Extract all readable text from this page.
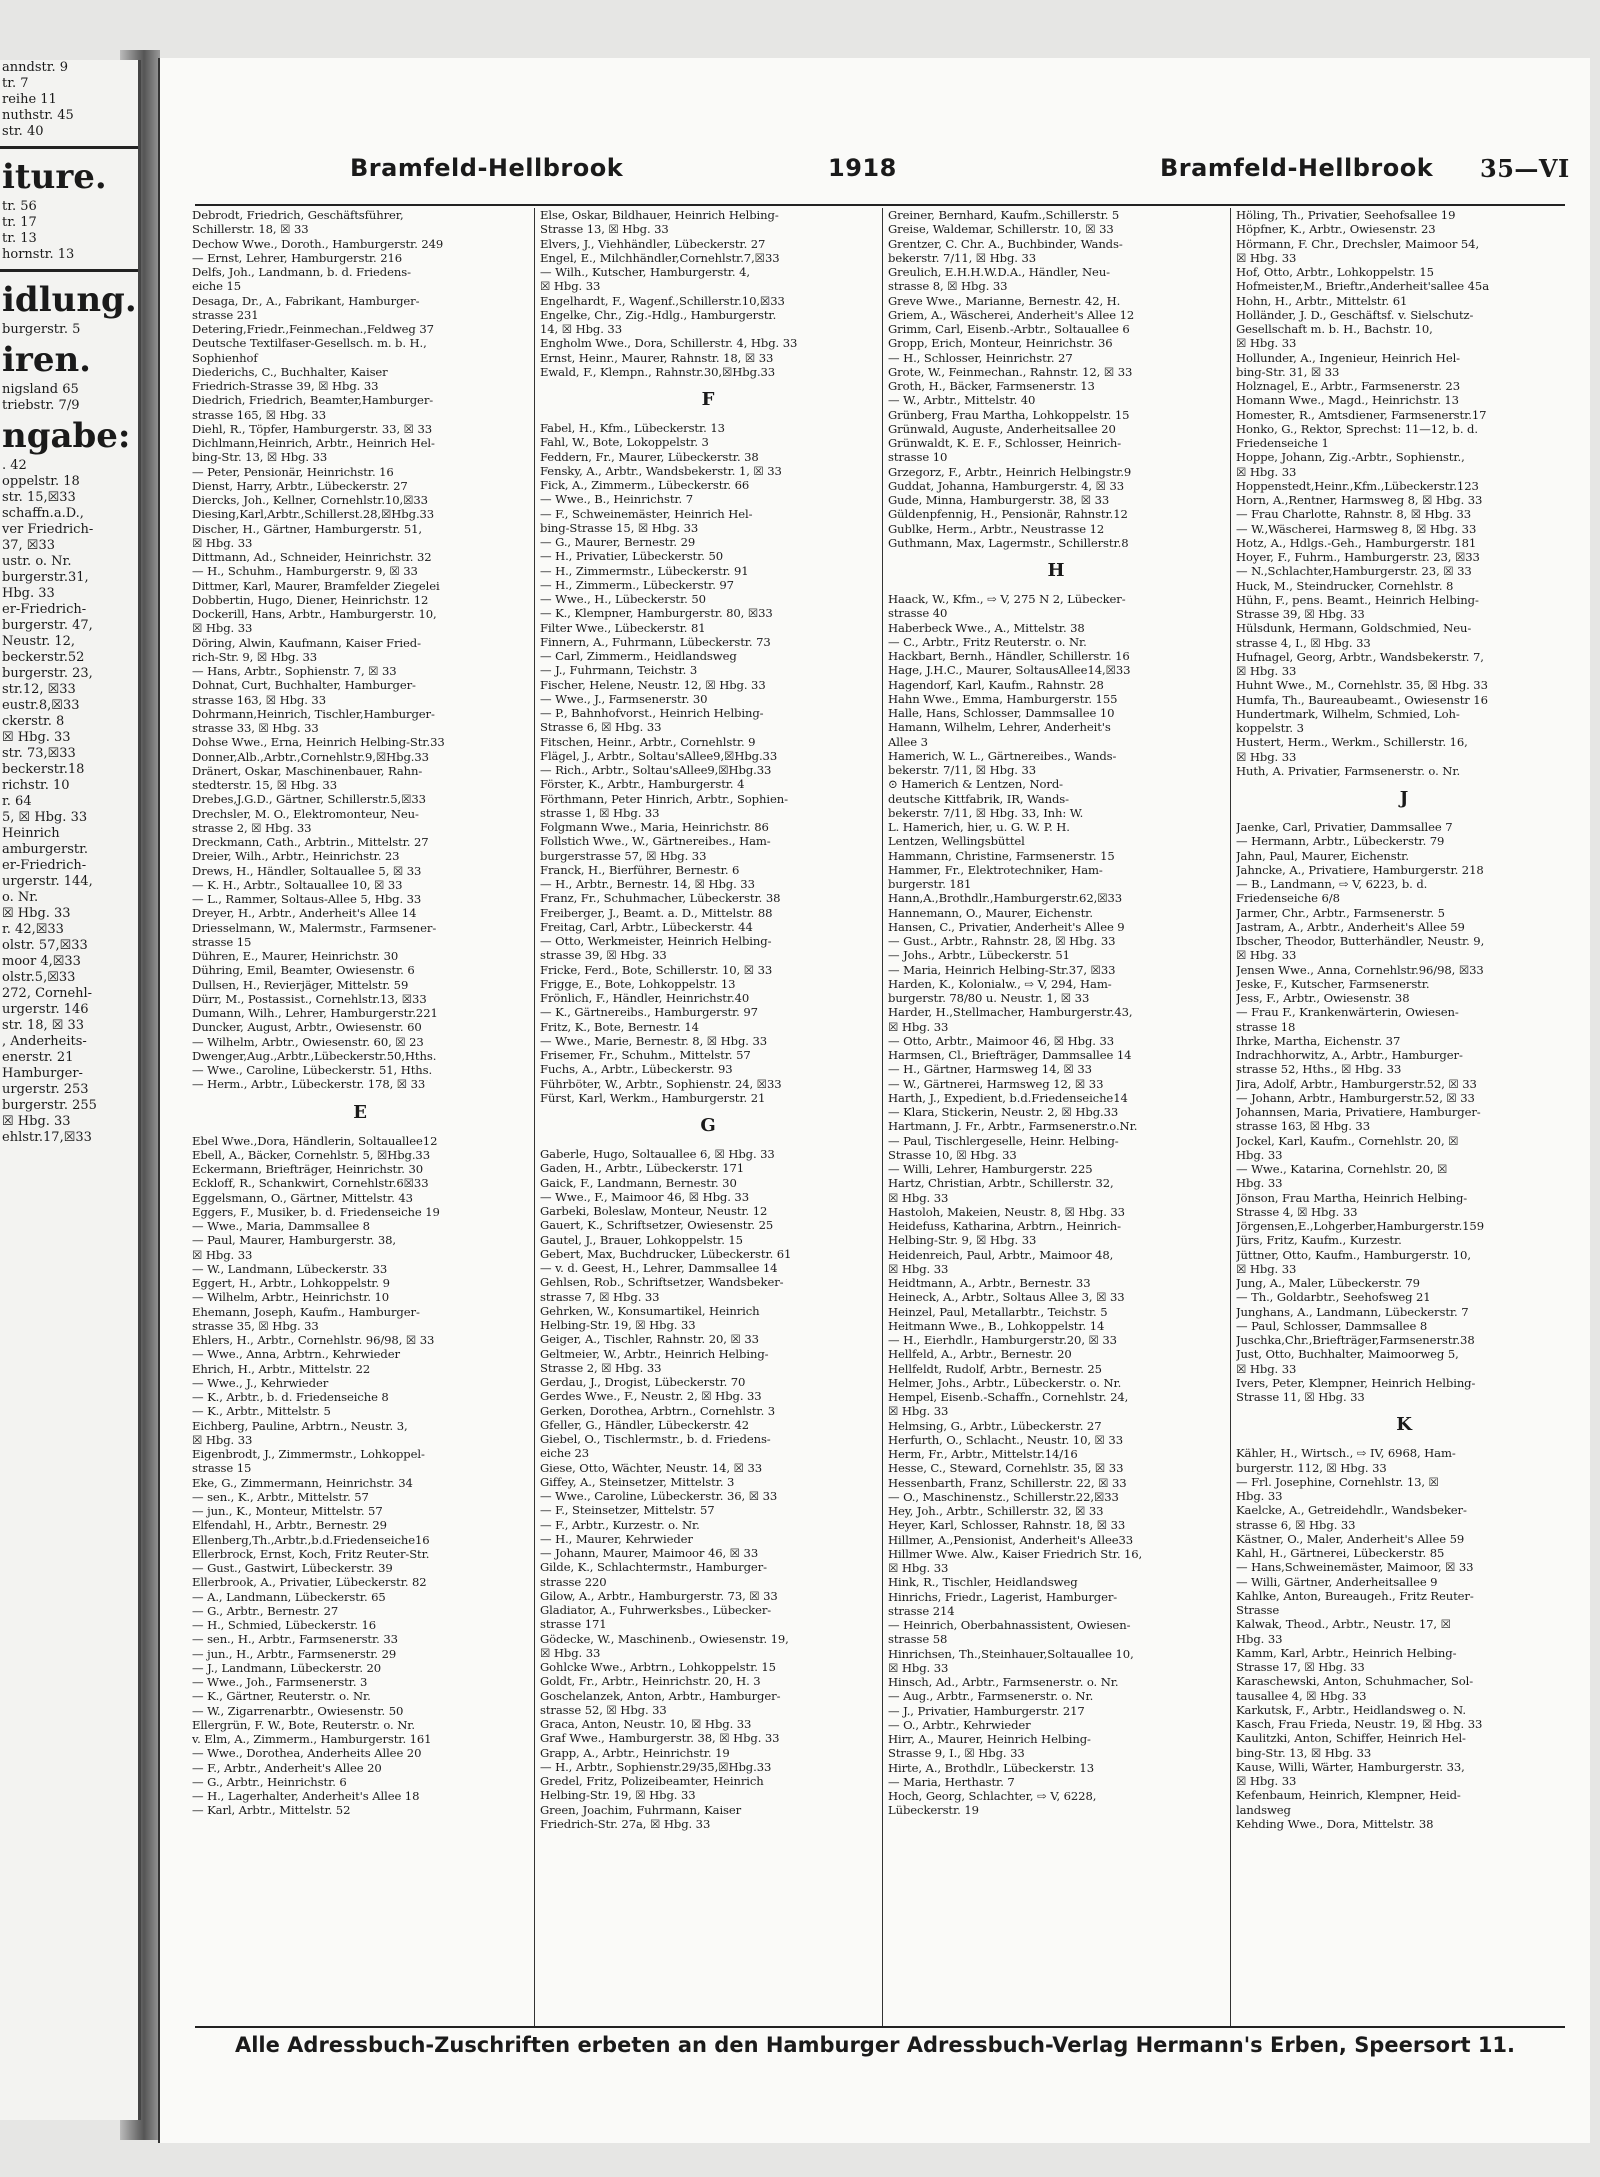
anndstr. 9
tr. 7
reihe 11
nuthstr. 45
str. 40
iture.
tr. 56
tr. 17
tr. 13
hornstr. 13
idlung.
burgerstr. 5
iren.
nigsland 65
triebstr. 7/9
ngabe:
. 42
oppelstr. 18
str. 15,☒33
schaffn.a.D.,
ver Friedrich-
37, ☒33
ustr. o. Nr.
burgerstr.31,
Hbg. 33
er-Friedrich-
burgerstr. 47,
Neustr. 12,
beckerstr.52
burgerstr. 23,
str.12, ☒33
eustr.8,☒33
ckerstr. 8
☒ Hbg. 33
str. 73,☒33
beckerstr.18
richstr. 10
r. 64
5, ☒ Hbg. 33
Heinrich
amburgerstr.
er-Friedrich-
urgerstr. 144,
o. Nr.
☒ Hbg. 33
r. 42,☒33
olstr. 57,☒33
moor 4,☒33
olstr.5,☒33
272, Cornehl-
urgerstr. 146
str. 18, ☒ 33
, Anderheits-
enerstr. 21
Hamburger-
urgerstr. 253
burgerstr. 255
☒ Hbg. 33
ehlstr.17,☒33
Bramfeld-Hellbrook	1918	Bramfeld-Hellbrook 35—VI
Debrodt, Friedrich, Geschäftsführer,
Schillerstr. 18, ☒ 33
Dechow Wwe., Doroth., Hamburgerstr. 249
— Ernst, Lehrer, Hamburgerstr. 216
Delfs, Joh., Landmann, b. d. Friedens-
eiche 15
Desaga, Dr., A., Fabrikant, Hamburger-
strasse 231
Detering,Friedr.,Feinmechan.,Feldweg 37
Deutsche Textilfaser-Gesellsch. m. b. H.,
Sophienhof
Diederichs, C., Buchhalter, Kaiser
Friedrich-Strasse 39, ☒ Hbg. 33
Diedrich, Friedrich, Beamter,Hamburger-
strasse 165, ☒ Hbg. 33
Diehl, R., Töpfer, Hamburgerstr. 33, ☒ 33
Dichlmann,Heinrich, Arbtr., Heinrich Hel-
bing-Str. 13, ☒ Hbg. 33
— Peter, Pensionär, Heinrichstr. 16
Dienst, Harry, Arbtr., Lübeckerstr. 27
Diercks, Joh., Kellner, Cornehlstr.10,☒33
Diesing,Karl,Arbtr.,Schillerst.28,☒Hbg.33
Discher, H., Gärtner, Hamburgerstr. 51,
☒ Hbg. 33
Dittmann, Ad., Schneider, Heinrichstr. 32
— H., Schuhm., Hamburgerstr. 9, ☒ 33
Dittmer, Karl, Maurer, Bramfelder Ziegelei
Dobbertin, Hugo, Diener, Heinrichstr. 12
Dockerill, Hans, Arbtr., Hamburgerstr. 10,
☒ Hbg. 33
Döring, Alwin, Kaufmann, Kaiser Fried-
rich-Str. 9, ☒ Hbg. 33
— Hans, Arbtr., Sophienstr. 7, ☒ 33
Dohnat, Curt, Buchhalter, Hamburger-
strasse 163, ☒ Hbg. 33
Dohrmann,Heinrich, Tischler,Hamburger-
strasse 33, ☒ Hbg. 33
Dohse Wwe., Erna, Heinrich Helbing-Str.33
Donner,Alb.,Arbtr.,Cornehlstr.9,☒Hbg.33
Dränert, Oskar, Maschinenbauer, Rahn-
stedterstr. 15, ☒ Hbg. 33
Drebes,J.G.D., Gärtner, Schillerstr.5,☒33
Drechsler, M. O., Elektromonteur, Neu-
strasse 2, ☒ Hbg. 33
Dreckmann, Cath., Arbtrin., Mittelstr. 27
Dreier, Wilh., Arbtr., Heinrichstr. 23
Drews, H., Händler, Soltauallee 5, ☒ 33
— K. H., Arbtr., Soltauallee 10, ☒ 33
— L., Rammer, Soltaus-Allee 5, Hbg. 33
Dreyer, H., Arbtr., Anderheit's Allee 14
Driesselmann, W., Malermstr., Farmsener-
strasse 15
Dühren, E., Maurer, Heinrichstr. 30
Dühring, Emil, Beamter, Owiesenstr. 6
Dullsen, H., Revierjäger, Mittelstr. 59
Dürr, M., Postassist., Cornehlstr.13, ☒33
Dumann, Wilh., Lehrer, Hamburgerstr.221
Duncker, August, Arbtr., Owiesenstr. 60
— Wilhelm, Arbtr., Owiesenstr. 60, ☒ 23
Dwenger,Aug.,Arbtr.,Lübeckerstr.50,Hths.
— Wwe., Caroline, Lübeckerstr. 51, Hths.
— Herm., Arbtr., Lübeckerstr. 178, ☒ 33
E
Ebel Wwe.,Dora, Händlerin, Soltauallee12
Ebell, A., Bäcker, Cornehlstr. 5, ☒Hbg.33
Eckermann, Briefträger, Heinrichstr. 30
Eckloff, R., Schankwirt, Cornehlstr.6☒33
Eggelsmann, O., Gärtner, Mittelstr. 43
Eggers, F., Musiker, b. d. Friedenseiche 19
— Wwe., Maria, Dammsallee 8
— Paul, Maurer, Hamburgerstr. 38,
☒ Hbg. 33
— W., Landmann, Lübeckerstr. 33
Eggert, H., Arbtr., Lohkoppelstr. 9
— Wilhelm, Arbtr., Heinrichstr. 10
Ehemann, Joseph, Kaufm., Hamburger-
strasse 35, ☒ Hbg. 33
Ehlers, H., Arbtr., Cornehlstr. 96/98, ☒ 33
— Wwe., Anna, Arbtrn., Kehrwieder
Ehrich, H., Arbtr., Mittelstr. 22
— Wwe., J., Kehrwieder
— K., Arbtr., b. d. Friedenseiche 8
— K., Arbtr., Mittelstr. 5
Eichberg, Pauline, Arbtrn., Neustr. 3,
☒ Hbg. 33
Eigenbrodt, J., Zimmermstr., Lohkoppel-
strasse 15
Eke, G., Zimmermann, Heinrichstr. 34
— sen., K., Arbtr., Mittelstr. 57
— jun., K., Monteur, Mittelstr. 57
Elfendahl, H., Arbtr., Bernestr. 29
Ellenberg,Th.,Arbtr.,b.d.Friedenseiche16
Ellerbrock, Ernst, Koch, Fritz Reuter-Str.
— Gust., Gastwirt, Lübeckerstr. 39
Ellerbrook, A., Privatier, Lübeckerstr. 82
— A., Landmann, Lübeckerstr. 65
— G., Arbtr., Bernestr. 27
— H., Schmied, Lübeckerstr. 16
— sen., H., Arbtr., Farmsenerstr. 33
— jun., H., Arbtr., Farmsenerstr. 29
— J., Landmann, Lübeckerstr. 20
— Wwe., Joh., Farmsenerstr. 3
— K., Gärtner, Reuterstr. o. Nr.
— W., Zigarrenarbtr., Owiesenstr. 50
Ellergrün, F. W., Bote, Reuterstr. o. Nr.
v. Elm, A., Zimmerm., Hamburgerstr. 161
— Wwe., Dorothea, Anderheits Allee 20
— F., Arbtr., Anderheit's Allee 20
— G., Arbtr., Heinrichstr. 6
— H., Lagerhalter, Anderheit's Allee 18
— Karl, Arbtr., Mittelstr. 52
Else, Oskar, Bildhauer, Heinrich Helbing-
Strasse 13, ☒ Hbg. 33
Elvers, J., Viehhändler, Lübeckerstr. 27
Engel, E., Milchhändler,Cornehlstr.7,☒33
— Wilh., Kutscher, Hamburgerstr. 4,
☒ Hbg. 33
Engelhardt, F., Wagenf.,Schillerstr.10,☒33
Engelke, Chr., Zig.-Hdlg., Hamburgerstr.
14, ☒ Hbg. 33
Engholm Wwe., Dora, Schillerstr. 4, Hbg. 33
Ernst, Heinr., Maurer, Rahnstr. 18, ☒ 33
Ewald, F., Klempn., Rahnstr.30,☒Hbg.33
F
Fabel, H., Kfm., Lübeckerstr. 13
Fahl, W., Bote, Lokoppelstr. 3
Feddern, Fr., Maurer, Lübeckerstr. 38
Fensky, A., Arbtr., Wandsbekerstr. 1, ☒ 33
Fick, A., Zimmerm., Lübeckerstr. 66
— Wwe., B., Heinrichstr. 7
— F., Schweinemäster, Heinrich Hel-
bing-Strasse 15, ☒ Hbg. 33
— G., Maurer, Bernestr. 29
— H., Privatier, Lübeckerstr. 50
— H., Zimmermstr., Lübeckerstr. 91
— H., Zimmerm., Lübeckerstr. 97
— Wwe., H., Lübeckerstr. 50
— K., Klempner, Hamburgerstr. 80, ☒33
Filter Wwe., Lübeckerstr. 81
Finnern, A., Fuhrmann, Lübeckerstr. 73
— Carl, Zimmerm., Heidlandsweg
— J., Fuhrmann, Teichstr. 3
Fischer, Helene, Neustr. 12, ☒ Hbg. 33
— Wwe., J., Farmsenerstr. 30
— P., Bahnhofvorst., Heinrich Helbing-
Strasse 6, ☒ Hbg. 33
Fitschen, Heinr., Arbtr., Cornehlstr. 9
Flägel, J., Arbtr., Soltau'sAllee9,☒Hbg.33
— Rich., Arbtr., Soltau'sAllee9,☒Hbg.33
Förster, K., Arbtr., Hamburgerstr. 4
Förthmann, Peter Hinrich, Arbtr., Sophien-
strasse 1, ☒ Hbg. 33
Folgmann Wwe., Maria, Heinrichstr. 86
Follstich Wwe., W., Gärtnereibes., Ham-
burgerstrasse 57, ☒ Hbg. 33
Franck, H., Bierführer, Bernestr. 6
— H., Arbtr., Bernestr. 14, ☒ Hbg. 33
Franz, Fr., Schuhmacher, Lübeckerstr. 38
Freiberger, J., Beamt. a. D., Mittelstr. 88
Freitag, Carl, Arbtr., Lübeckerstr. 44
— Otto, Werkmeister, Heinrich Helbing-
strasse 39, ☒ Hbg. 33
Fricke, Ferd., Bote, Schillerstr. 10, ☒ 33
Frigge, E., Bote, Lohkoppelstr. 13
Frönlich, F., Händler, Heinrichstr.40
— K., Gärtnereibs., Hamburgerstr. 97
Fritz, K., Bote, Bernestr. 14
— Wwe., Marie, Bernestr. 8, ☒ Hbg. 33
Frisemer, Fr., Schuhm., Mittelstr. 57
Fuchs, A., Arbtr., Lübeckerstr. 93
Führböter, W., Arbtr., Sophienstr. 24, ☒33
Fürst, Karl, Werkm., Hamburgerstr. 21
G
Gaberle, Hugo, Soltauallee 6, ☒ Hbg. 33
Gaden, H., Arbtr., Lübeckerstr. 171
Gaick, F., Landmann, Bernestr. 30
— Wwe., F., Maimoor 46, ☒ Hbg. 33
Garbeki, Boleslaw, Monteur, Neustr. 12
Gauert, K., Schriftsetzer, Owiesenstr. 25
Gautel, J., Brauer, Lohkoppelstr. 15
Gebert, Max, Buchdrucker, Lübeckerstr. 61
— v. d. Geest, H., Lehrer, Dammsallee 14
Gehlsen, Rob., Schriftsetzer, Wandsbeker-
strasse 7, ☒ Hbg. 33
Gehrken, W., Konsumartikel, Heinrich
Helbing-Str. 19, ☒ Hbg. 33
Geiger, A., Tischler, Rahnstr. 20, ☒ 33
Geltmeier, W., Arbtr., Heinrich Helbing-
Strasse 2, ☒ Hbg. 33
Gerdau, J., Drogist, Lübeckerstr. 70
Gerdes Wwe., F., Neustr. 2, ☒ Hbg. 33
Gerken, Dorothea, Arbtrn., Cornehlstr. 3
Gfeller, G., Händler, Lübeckerstr. 42
Giebel, O., Tischlermstr., b. d. Friedens-
eiche 23
Giese, Otto, Wächter, Neustr. 14, ☒ 33
Giffey, A., Steinsetzer, Mittelstr. 3
— Wwe., Caroline, Lübeckerstr. 36, ☒ 33
— F., Steinsetzer, Mittelstr. 57
— F., Arbtr., Kurzestr. o. Nr.
— H., Maurer, Kehrwieder
— Johann, Maurer, Maimoor 46, ☒ 33
Gilde, K., Schlachtermstr., Hamburger-
strasse 220
Gilow, A., Arbtr., Hamburgerstr. 73, ☒ 33
Gladiator, A., Fuhrwerksbes., Lübecker-
strasse 171
Gödecke, W., Maschinenb., Owiesenstr. 19,
☒ Hbg. 33
Gohlcke Wwe., Arbtrn., Lohkoppelstr. 15
Goldt, Fr., Arbtr., Heinrichstr. 20, H. 3
Goschelanzek, Anton, Arbtr., Hamburger-
strasse 52, ☒ Hbg. 33
Graca, Anton, Neustr. 10, ☒ Hbg. 33
Graf Wwe., Hamburgerstr. 38, ☒ Hbg. 33
Grapp, A., Arbtr., Heinrichstr. 19
— H., Arbtr., Sophienstr.29/35,☒Hbg.33
Gredel, Fritz, Polizeibeamter, Heinrich
Helbing-Str. 19, ☒ Hbg. 33
Green, Joachim, Fuhrmann, Kaiser
Friedrich-Str. 27a, ☒ Hbg. 33
Greiner, Bernhard, Kaufm.,Schillerstr. 5
Greise, Waldemar, Schillerstr. 10, ☒ 33
Grentzer, C. Chr. A., Buchbinder, Wands-
bekerstr. 7/11, ☒ Hbg. 33
Greulich, E.H.H.W.D.A., Händler, Neu-
strasse 8, ☒ Hbg. 33
Greve Wwe., Marianne, Bernestr. 42, H.
Griem, A., Wäscherei, Anderheit's Allee 12
Grimm, Carl, Eisenb.-Arbtr., Soltauallee 6
Gropp, Erich, Monteur, Heinrichstr. 36
— H., Schlosser, Heinrichstr. 27
Grote, W., Feinmechan., Rahnstr. 12, ☒ 33
Groth, H., Bäcker, Farmsenerstr. 13
— W., Arbtr., Mittelstr. 40
Grünberg, Frau Martha, Lohkoppelstr. 15
Grünwald, Auguste, Anderheitsallee 20
Grünwaldt, K. E. F., Schlosser, Heinrich-
strasse 10
Grzegorz, F., Arbtr., Heinrich Helbingstr.9
Guddat, Johanna, Hamburgerstr. 4, ☒ 33
Gude, Minna, Hamburgerstr. 38, ☒ 33
Güldenpfennig, H., Pensionär, Rahnstr.12
Gublke, Herm., Arbtr., Neustrasse 12
Guthmann, Max, Lagermstr., Schillerstr.8
H
Haack, W., Kfm., ⇨ V, 275 N 2, Lübecker-
strasse 40
Haberbeck Wwe., A., Mittelstr. 38
— C., Arbtr., Fritz Reuterstr. o. Nr.
Hackbart, Bernh., Händler, Schillerstr. 16
Hage, J.H.C., Maurer, SoltausAllee14,☒33
Hagendorf, Karl, Kaufm., Rahnstr. 28
Hahn Wwe., Emma, Hamburgerstr. 155
Halle, Hans, Schlosser, Dammsallee 10
Hamann, Wilhelm, Lehrer, Anderheit's
Allee 3
Hamerich, W. L., Gärtnereibes., Wands-
bekerstr. 7/11, ☒ Hbg. 33
⊙ Hamerich & Lentzen, Nord-
deutsche Kittfabrik, IR, Wands-
bekerstr. 7/11, ☒ Hbg. 33, Inh: W.
L. Hamerich, hier, u. G. W. P. H.
Lentzen, Wellingsbüttel
Hammann, Christine, Farmsenerstr. 15
Hammer, Fr., Elektrotechniker, Ham-
burgerstr. 181
Hann,A.,Brothdlr.,Hamburgerstr.62,☒33
Hannemann, O., Maurer, Eichenstr.
Hansen, C., Privatier, Anderheit's Allee 9
— Gust., Arbtr., Rahnstr. 28, ☒ Hbg. 33
— Johs., Arbtr., Lübeckerstr. 51
— Maria, Heinrich Helbing-Str.37, ☒33
Harden, K., Kolonialw., ⇨ V, 294, Ham-
burgerstr. 78/80 u. Neustr. 1, ☒ 33
Harder, H.,Stellmacher, Hamburgerstr.43,
☒ Hbg. 33
— Otto, Arbtr., Maimoor 46, ☒ Hbg. 33
Harmsen, Cl., Briefträger, Dammsallee 14
— H., Gärtner, Harmsweg 14, ☒ 33
— W., Gärtnerei, Harmsweg 12, ☒ 33
Harth, J., Expedient, b.d.Friedenseiche14
— Klara, Stickerin, Neustr. 2, ☒ Hbg.33
Hartmann, J. Fr., Arbtr., Farmsenerstr.o.Nr.
— Paul, Tischlergeselle, Heinr. Helbing-
Strasse 10, ☒ Hbg. 33
— Willi, Lehrer, Hamburgerstr. 225
Hartz, Christian, Arbtr., Schillerstr. 32,
☒ Hbg. 33
Hastoloh, Makeien, Neustr. 8, ☒ Hbg. 33
Heidefuss, Katharina, Arbtrn., Heinrich-
Helbing-Str. 9, ☒ Hbg. 33
Heidenreich, Paul, Arbtr., Maimoor 48,
☒ Hbg. 33
Heidtmann, A., Arbtr., Bernestr. 33
Heineck, A., Arbtr., Soltaus Allee 3, ☒ 33
Heinzel, Paul, Metallarbtr., Teichstr. 5
Heitmann Wwe., B., Lohkoppelstr. 14
— H., Eierhdlr., Hamburgerstr.20, ☒ 33
Hellfeld, A., Arbtr., Bernestr. 20
Hellfeldt, Rudolf, Arbtr., Bernestr. 25
Helmer, Johs., Arbtr., Lübeckerstr. o. Nr.
Hempel, Eisenb.-Schaffn., Cornehlstr. 24,
☒ Hbg. 33
Helmsing, G., Arbtr., Lübeckerstr. 27
Herfurth, O., Schlacht., Neustr. 10, ☒ 33
Herm, Fr., Arbtr., Mittelstr.14/16
Hesse, C., Steward, Cornehlstr. 35, ☒ 33
Hessenbarth, Franz, Schillerstr. 22, ☒ 33
— O., Maschinenstz., Schillerstr.22,☒33
Hey, Joh., Arbtr., Schillerstr. 32, ☒ 33
Heyer, Karl, Schlosser, Rahnstr. 18, ☒ 33
Hillmer, A.,Pensionist, Anderheit's Allee33
Hillmer Wwe. Alw., Kaiser Friedrich Str. 16,
☒ Hbg. 33
Hink, R., Tischler, Heidlandsweg
Hinrichs, Friedr., Lagerist, Hamburger-
strasse 214
— Heinrich, Oberbahnassistent, Owiesen-
strasse 58
Hinrichsen, Th.,Steinhauer,Soltauallee 10,
☒ Hbg. 33
Hinsch, Ad., Arbtr., Farmsenerstr. o. Nr.
— Aug., Arbtr., Farmsenerstr. o. Nr.
— J., Privatier, Hamburgerstr. 217
— O., Arbtr., Kehrwieder
Hirr, A., Maurer, Heinrich Helbing-
Strasse 9, I., ☒ Hbg. 33
Hirte, A., Brothdlr., Lübeckerstr. 13
— Maria, Herthastr. 7
Hoch, Georg, Schlachter, ⇨ V, 6228,
Lübeckerstr. 19
Höling, Th., Privatier, Seehofsallee 19
Höpfner, K., Arbtr., Owiesenstr. 23
Hörmann, F. Chr., Drechsler, Maimoor 54,
☒ Hbg. 33
Hof, Otto, Arbtr., Lohkoppelstr. 15
Hofmeister,M., Brieftr.,Anderheit'sallee 45a
Hohn, H., Arbtr., Mittelstr. 61
Holländer, J. D., Geschäftsf. v. Sielschutz-
Gesellschaft m. b. H., Bachstr. 10,
☒ Hbg. 33
Hollunder, A., Ingenieur, Heinrich Hel-
bing-Str. 31, ☒ 33
Holznagel, E., Arbtr., Farmsenerstr. 23
Homann Wwe., Magd., Heinrichstr. 13
Homester, R., Amtsdiener, Farmsenerstr.17
Honko, G., Rektor, Sprechst: 11—12, b. d.
Friedenseiche 1
Hoppe, Johann, Zig.-Arbtr., Sophienstr.,
☒ Hbg. 33
Hoppenstedt,Heinr.,Kfm.,Lübeckerstr.123
Horn, A.,Rentner, Harmsweg 8, ☒ Hbg. 33
— Frau Charlotte, Rahnstr. 8, ☒ Hbg. 33
— W.,Wäscherei, Harmsweg 8, ☒ Hbg. 33
Hotz, A., Hdlgs.-Geh., Hamburgerstr. 181
Hoyer, F., Fuhrm., Hamburgerstr. 23, ☒33
— N.,Schlachter,Hamburgerstr. 23, ☒ 33
Huck, M., Steindrucker, Cornehlstr. 8
Hühn, F., pens. Beamt., Heinrich Helbing-
Strasse 39, ☒ Hbg. 33
Hülsdunk, Hermann, Goldschmied, Neu-
strasse 4, I., ☒ Hbg. 33
Hufnagel, Georg, Arbtr., Wandsbekerstr. 7,
☒ Hbg. 33
Huhnt Wwe., M., Cornehlstr. 35, ☒ Hbg. 33
Humfa, Th., Baureaubeamt., Owiesenstr 16
Hundertmark, Wilhelm, Schmied, Loh-
koppelstr. 3
Hustert, Herm., Werkm., Schillerstr. 16,
☒ Hbg. 33
Huth, A. Privatier, Farmsenerstr. o. Nr.
J
Jaenke, Carl, Privatier, Dammsallee 7
— Hermann, Arbtr., Lübeckerstr. 79
Jahn, Paul, Maurer, Eichenstr.
Jahncke, A., Privatiere, Hamburgerstr. 218
— B., Landmann, ⇨ V, 6223, b. d.
Friedenseiche 6/8
Jarmer, Chr., Arbtr., Farmsenerstr. 5
Jastram, A., Arbtr., Anderheit's Allee 59
Ibscher, Theodor, Butterhändler, Neustr. 9,
☒ Hbg. 33
Jensen Wwe., Anna, Cornehlstr.96/98, ☒33
Jeske, F., Kutscher, Farmsenerstr.
Jess, F., Arbtr., Owiesenstr. 38
— Frau F., Krankenwärterin, Owiesen-
strasse 18
Ihrke, Martha, Eichenstr. 37
Indrachhorwitz, A., Arbtr., Hamburger-
strasse 52, Hths., ☒ Hbg. 33
Jira, Adolf, Arbtr., Hamburgerstr.52, ☒ 33
— Johann, Arbtr., Hamburgerstr.52, ☒ 33
Johannsen, Maria, Privatiere, Hamburger-
strasse 163, ☒ Hbg. 33
Jockel, Karl, Kaufm., Cornehlstr. 20, ☒
Hbg. 33
— Wwe., Katarina, Cornehlstr. 20, ☒
Hbg. 33
Jönson, Frau Martha, Heinrich Helbing-
Strasse 4, ☒ Hbg. 33
Jörgensen,E.,Lohgerber,Hamburgerstr.159
Jürs, Fritz, Kaufm., Kurzestr.
Jüttner, Otto, Kaufm., Hamburgerstr. 10,
☒ Hbg. 33
Jung, A., Maler, Lübeckerstr. 79
— Th., Goldarbtr., Seehofsweg 21
Junghans, A., Landmann, Lübeckerstr. 7
— Paul, Schlosser, Dammsallee 8
Juschka,Chr.,Briefträger,Farmsenerstr.38
Just, Otto, Buchhalter, Maimoorweg 5,
☒ Hbg. 33
Ivers, Peter, Klempner, Heinrich Helbing-
Strasse 11, ☒ Hbg. 33
K
Kähler, H., Wirtsch., ⇨ IV, 6968, Ham-
burgerstr. 112, ☒ Hbg. 33
— Frl. Josephine, Cornehlstr. 13, ☒
Hbg. 33
Kaelcke, A., Getreidehdlr., Wandsbeker-
strasse 6, ☒ Hbg. 33
Kästner, O., Maler, Anderheit's Allee 59
Kahl, H., Gärtnerei, Lübeckerstr. 85
— Hans,Schweinemäster, Maimoor, ☒ 33
— Willi, Gärtner, Anderheitsallee 9
Kahlke, Anton, Bureaugeh., Fritz Reuter-
Strasse
Kalwak, Theod., Arbtr., Neustr. 17, ☒
Hbg. 33
Kamm, Karl, Arbtr., Heinrich Helbing-
Strasse 17, ☒ Hbg. 33
Karaschewski, Anton, Schuhmacher, Sol-
tausallee 4, ☒ Hbg. 33
Karkutsk, F., Arbtr., Heidlandsweg o. N.
Kasch, Frau Frieda, Neustr. 19, ☒ Hbg. 33
Kaulitzki, Anton, Schiffer, Heinrich Hel-
bing-Str. 13, ☒ Hbg. 33
Kause, Willi, Wärter, Hamburgerstr. 33,
☒ Hbg. 33
Kefenbaum, Heinrich, Klempner, Heid-
landsweg
Kehding Wwe., Dora, Mittelstr. 38
Alle Adressbuch-Zuschriften erbeten an den Hamburger Adressbuch-Verlag Hermann's Erben, Speersort 11.
